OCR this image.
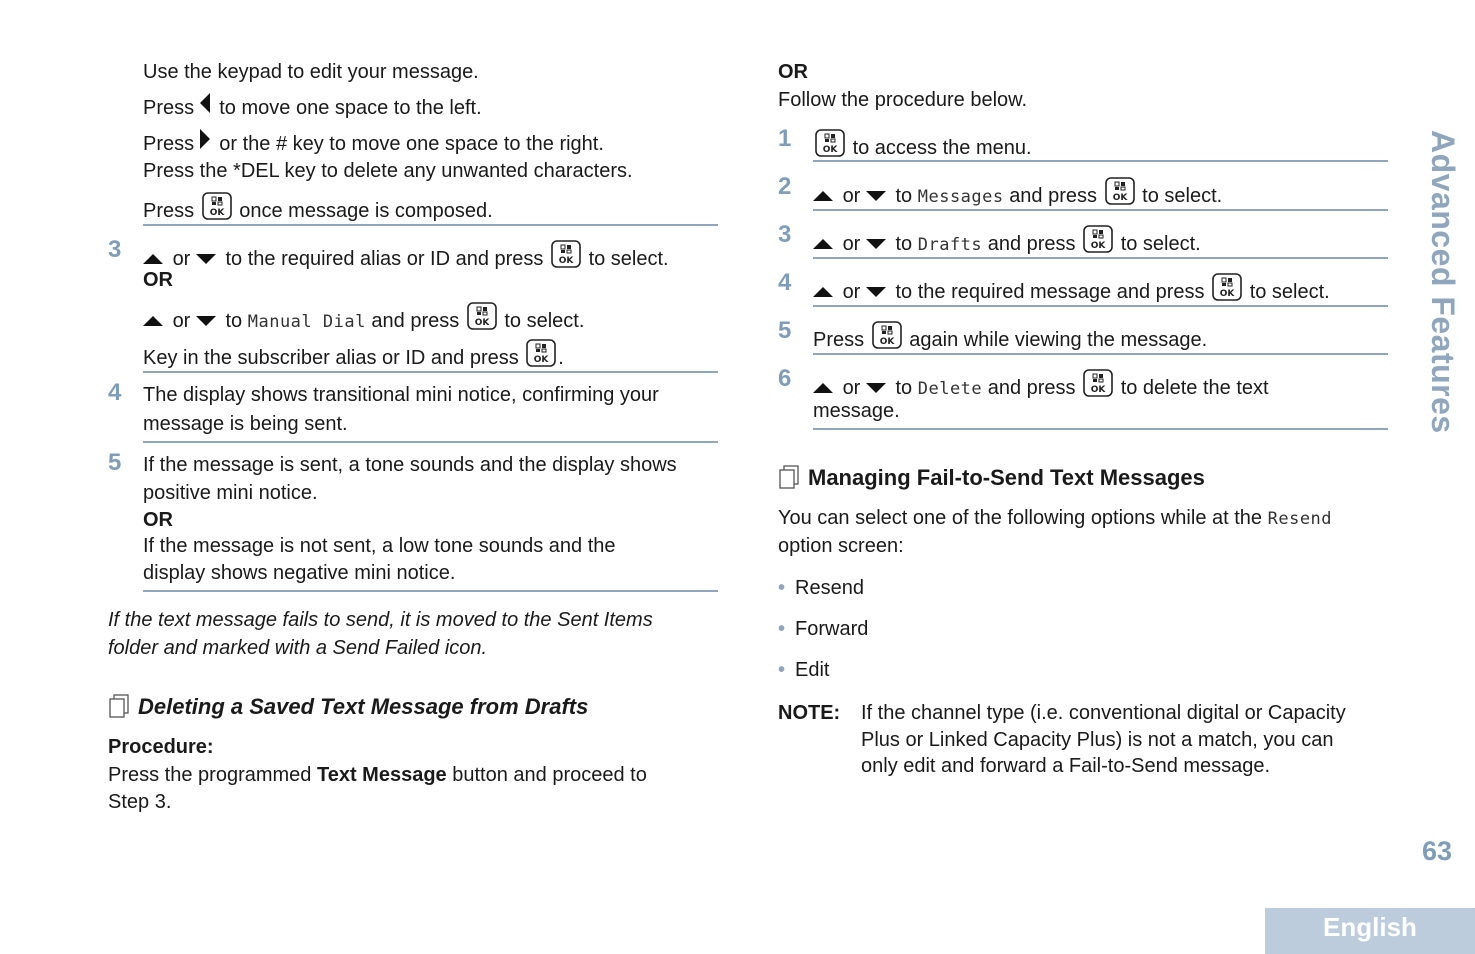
Use the keypad to edit your message.
Press to move one space to the left.
Press or the # key to move one space to the right.
Press the *DEL key to delete any unwanted characters.
Press once message is composed.
3	or to the required alias or ID and press to select.
OR
or to Manual Dial and press to select.
Key in the subscriber alias or ID and press .
4 The display shows transitional mini notice, confirming your
message is being sent.
5 If the message is sent, a tone sounds and the display shows
positive mini notice.
OR
If the message is not sent, a low tone sounds and the
display shows negative mini notice.
If the text message fails to send, it is moved to the Sent Items
folder and marked with a Send Failed icon.
Deleting a Saved Text Message from Drafts
Procedure:
Press the programmed Text Message button and proceed to
Step 3.
OR
Follow the procedure below.
1	to access the menu.
2	or to Messages and press to select.
3	or to Drafts and press to select.
4	or to the required message and press to select.
5 Press again while viewing the message.
6	or to Delete and press to delete the text
message.
Managing Fail-to-Send Text Messages
You can select one of the following options while at the Resend
option screen:
• Resend
• Forward
• Edit
NOTE: If the channel type (i.e. conventional digital or Capacity
Plus or Linked Capacity Plus) is not a match, you can
only edit and forward a Fail-to-Send message.
Advanced Features
63
English
